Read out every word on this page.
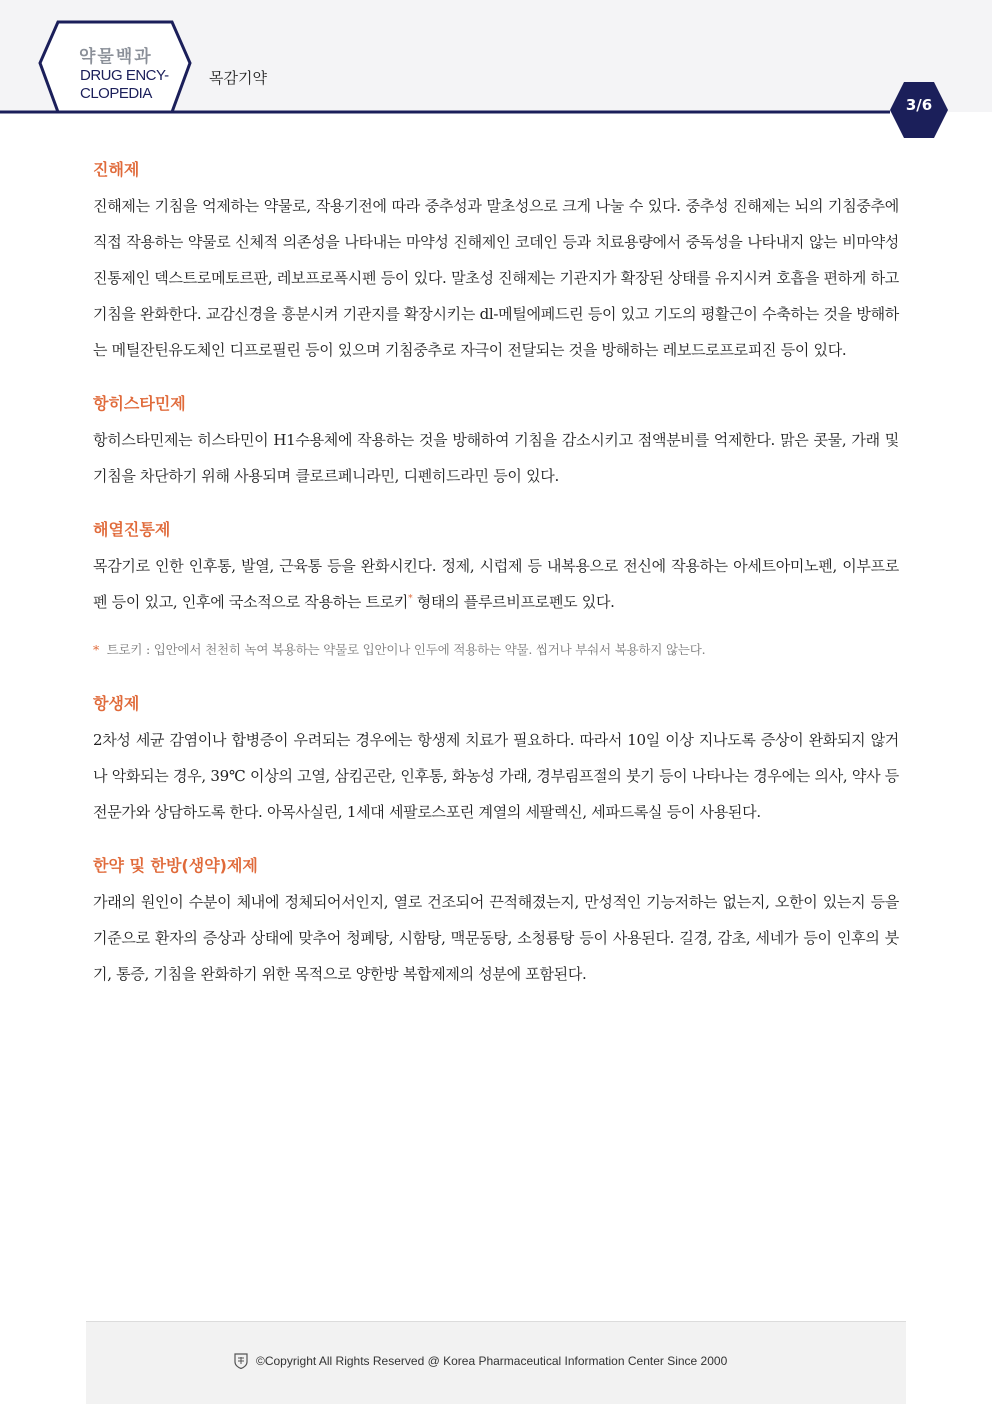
약물백과
DRUG ENCY-
CLOPEDIA
목감기약
3/6
진해제

진해제는 기침을 억제하는 약물로, 작용기전에 따라 중추성과 말초성으로 크게 나눌 수 있다. 중추성 진해제는 뇌의 기침중추에 직접 작용하는 약물로 신체적 의존성을 나타내는 마약성 진해제인 코데인 등과 치료용량에서 중독성을 나타내지 않는 비마약성 진통제인 덱스트로메토르판, 레보프로폭시펜 등이 있다. 말초성 진해제는 기관지가 확장된 상태를 유지시켜 호흡을 편하게 하고 기침을 완화한다. 교감신경을 흥분시켜 기관지를 확장시키는 dl-메틸에페드린 등이 있고 기도의 평활근이 수축하는 것을 방해하는 메틸잔틴유도체인 디프로필린 등이 있으며 기침중추로 자극이 전달되는 것을 방해하는 레보드로프로피진 등이 있다.

항히스타민제

항히스타민제는 히스타민이 H1수용체에 작용하는 것을 방해하여 기침을 감소시키고 점액분비를 억제한다. 맑은 콧물, 가래 및 기침을 차단하기 위해 사용되며 클로르페니라민, 디펜히드라민 등이 있다.

해열진통제

목감기로 인한 인후통, 발열, 근육통 등을 완화시킨다. 정제, 시럽제 등 내복용으로 전신에 작용하는 아세트아미노펜, 이부프로펜 등이 있고, 인후에 국소적으로 작용하는 트로키* 형태의 플루르비프로펜도 있다.

* 트로키 : 입안에서 천천히 녹여 복용하는 약물로 입안이나 인두에 적용하는 약물. 씹거나 부숴서 복용하지 않는다.

항생제

2차성 세균 감염이나 합병증이 우려되는 경우에는 항생제 치료가 필요하다. 따라서 10일 이상 지나도록 증상이 완화되지 않거나 악화되는 경우, 39℃ 이상의 고열, 삼킴곤란, 인후통, 화농성 가래, 경부림프절의 붓기 등이 나타나는 경우에는 의사, 약사 등 전문가와 상담하도록 한다. 아목사실린, 1세대 세팔로스포린 계열의 세팔렉신, 세파드록실 등이 사용된다.

한약 및 한방(생약)제제

가래의 원인이 수분이 체내에 정체되어서인지, 열로 건조되어 끈적해졌는지, 만성적인 기능저하는 없는지, 오한이 있는지 등을 기준으로 환자의 증상과 상태에 맞추어 청폐탕, 시함탕, 맥문동탕, 소청룡탕 등이 사용된다. 길경, 감초, 세네가 등이 인후의 붓기, 통증, 기침을 완화하기 위한 목적으로 양한방 복합제제의 성분에 포함된다.

©Copyright All Rights Reserved @ Korea Pharmaceutical Information Center Since 2000
